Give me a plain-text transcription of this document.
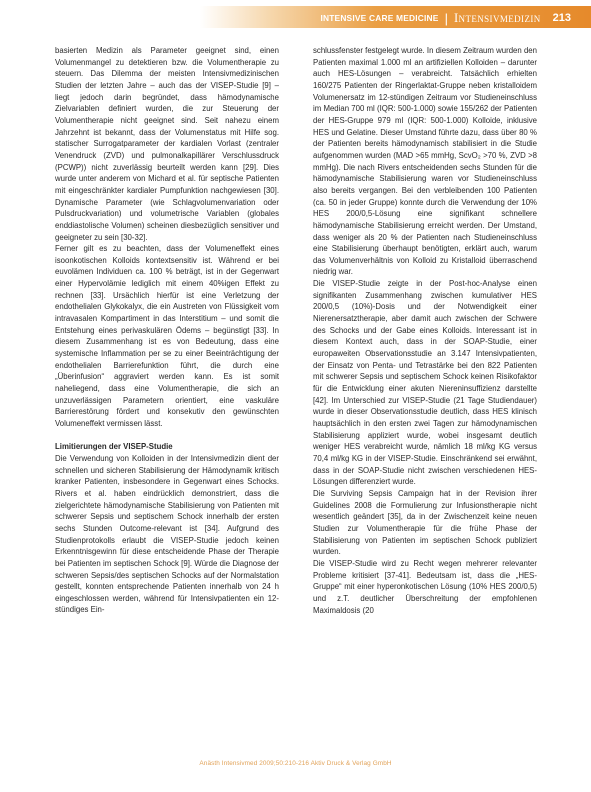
INTENSIVE CARE MEDICINE | Intensivmedizin 213

basierten Medizin als Parameter geeignet sind, einen Volumenmangel zu detektieren bzw. die Volumentherapie zu steuern. Das Dilemma der meisten Intensivmedizinischen Studien der letzten Jahre – auch das der VISEP-Studie [9] – liegt jedoch darin begründet, dass hämodynamische Zielvariablen definiert wurden, die zur Steuerung der Volumentherapie nicht geeignet sind. Seit nahezu einem Jahrzehnt ist bekannt, dass der Volumenstatus mit Hilfe sog. statischer Surrogatparameter der kardialen Vorlast (zentraler Venendruck (ZVD) und pulmonalkapillärer Verschlussdruck (PCWP)) nicht zuverlässig beurteilt werden kann [29]. Dies wurde unter anderem von Michard et al. für septische Patienten mit eingeschränkter kardialer Pumpfunktion nachgewiesen [30]. Dynamische Parameter (wie Schlagvolumenvariation oder Pulsdruckvariation) und volumetrische Variablen (globales enddiastolische Volumen) scheinen diesbezüglich sensitiver und geeigneter zu sein [30-32].

Ferner gilt es zu beachten, dass der Volumeneffekt eines isoonkotischen Kolloids kontextsensitiv ist. Während er bei euvolämen Individuen ca. 100 % beträgt, ist in der Gegenwart einer Hypervolämie lediglich mit einem 40%igen Effekt zu rechnen [33]. Ursächlich hierfür ist eine Verletzung der endothelialen Glykokalyx, die ein Austreten von Flüssigkeit vom intravasalen Kompartiment in das Interstitium – und somit die Entstehung eines perivaskulären Ödems – begünstigt [33]. In diesem Zusammenhang ist es von Bedeutung, dass eine systemische Inflammation per se zu einer Beeinträchtigung der endothelialen Barrierefunktion führt, die durch eine „Überinfusion“ aggraviert werden kann. Es ist somit naheliegend, dass eine Volumentherapie, die sich an unzuverlässigen Parametern orientiert, eine vaskuläre Barrierestörung fördert und konsekutiv den gewünschten Volumeneffekt vermissen lässt.

Limitierungen der VISEP-Studie

Die Verwendung von Kolloiden in der Intensivmedizin dient der schnellen und sicheren Stabilisierung der Hämodynamik kritisch kranker Patienten, insbesondere in Gegenwart eines Schocks. Rivers et al. haben eindrücklich demonstriert, dass die zielgerichtete hämodynamische Stabilisierung von Patienten mit schwerer Sepsis und septischem Schock innerhalb der ersten sechs Stunden Outcome-relevant ist [34]. Aufgrund des Studienprotokolls erlaubt die VISEP-Studie jedoch keinen Erkenntnisgewinn für diese entscheidende Phase der Therapie bei Patienten im septischen Schock [9]. Würde die Diagnose der schweren Sepsis/des septischen Schocks auf der Normalstation gestellt, konnten entsprechende Patienten innerhalb von 24 h eingeschlossen werden, während für Intensivpatienten ein 12-stündiges Ein-

schlussfenster festgelegt wurde. In diesem Zeitraum wurden den Patienten maximal 1.000 ml an artifiziellen Kolloiden – darunter auch HES-Lösungen – verabreicht. Tatsächlich erhielten 160/275 Patienten der Ringerlaktat-Gruppe neben kristalloidem Volumenersatz im 12-stündigen Zeitraum vor Studieneinschluss im Median 700 ml (IQR: 500-1.000) sowie 155/262 der Patienten der HES-Gruppe 979 ml (IQR: 500-1.000) Kolloide, inklusive HES und Gelatine. Dieser Umstand führte dazu, dass über 80 % der Patienten bereits hämodynamisch stabilisiert in die Studie aufgenommen wurden (MAD >65 mmHg, ScvO₂ >70 %, ZVD >8 mmHg). Die nach Rivers entscheidenden sechs Stunden für die hämodynamische Stabilisierung waren vor Studieneinschluss also bereits vergangen. Bei den verbleibenden 100 Patienten (ca. 50 in jeder Gruppe) konnte durch die Verwendung der 10% HES 200/0,5-Lösung eine signifikant schnellere hämodynamische Stabilisierung erreicht werden. Der Umstand, dass weniger als 20 % der Patienten nach Studieneinschluss eine Stabilisierung überhaupt benötigten, erklärt auch, warum das Volumenverhältnis von Kolloid zu Kristalloid überraschend niedrig war.

Die VISEP-Studie zeigte in der Post-hoc-Analyse einen signifikanten Zusammenhang zwischen kumulativer HES 200/0,5 (10%)-Dosis und der Notwendigkeit einer Nierenersatztherapie, aber damit auch zwischen der Schwere des Schocks und der Gabe eines Kolloids. Interessant ist in diesem Kontext auch, dass in der SOAP-Studie, einer europaweiten Observationsstudie an 3.147 Intensivpatienten, der Einsatz von Penta- und Tetrastärke bei den 822 Patienten mit schwerer Sepsis und septischem Schock keinen Risikofaktor für die Entwicklung einer akuten Niereninsuffizienz darstellte [42]. Im Unterschied zur VISEP-Studie (21 Tage Studiendauer) wurde in dieser Observationsstudie deutlich, dass HES klinisch hauptsächlich in den ersten zwei Tagen zur hämodynamischen Stabilisierung appliziert wurde, wobei insgesamt deutlich weniger HES verabreicht wurde, nämlich 18 ml/kg KG versus 70,4 ml/kg KG in der VISEP-Studie. Einschränkend sei erwähnt, dass in der SOAP-Studie nicht zwischen verschiedenen HES-Lösungen differenziert wurde.

Die Surviving Sepsis Campaign hat in der Revision ihrer Guidelines 2008 die Formulierung zur Infusionstherapie nicht wesentlich geändert [35], da in der Zwischenzeit keine neuen Studien zur Volumentherapie für die frühe Phase der Stabilisierung von Patienten im septischen Schock publiziert wurden.

Die VISEP-Studie wird zu Recht wegen mehrerer relevanter Probleme kritisiert [37-41]. Bedeutsam ist, dass die „HES-Gruppe“ mit einer hyperonkotischen Lösung (10% HES 200/0,5) und z.T. deutlicher Überschreitung der empfohlenen Maximaldosis (20

Anästh Intensivmed 2009;50:210-216 Aktiv Druck & Verlag GmbH
